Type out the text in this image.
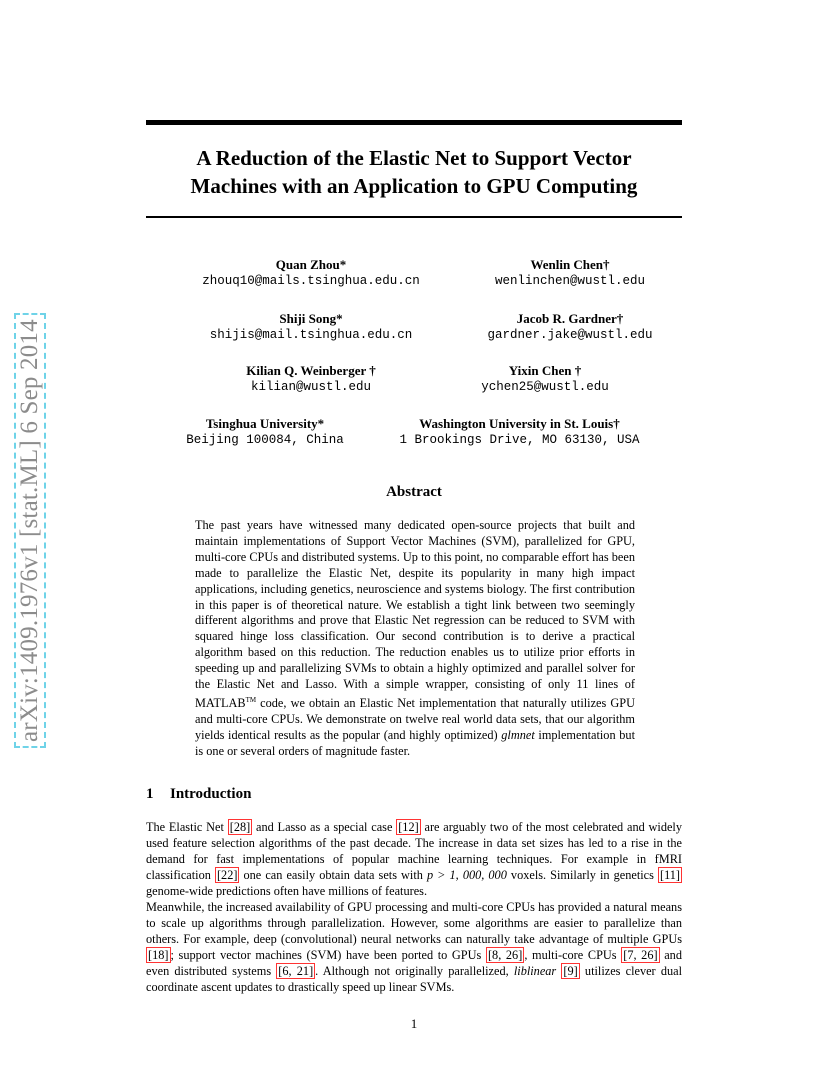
arXiv:1409.1976v1 [stat.ML] 6 Sep 2014
A Reduction of the Elastic Net to Support Vector
Machines with an Application to GPU Computing
Quan Zhou*
zhouq10@mails.tsinghua.edu.cn
Wenlin Chen†
wenlinchen@wustl.edu
Shiji Song*
shijis@mail.tsinghua.edu.cn
Jacob R. Gardner†
gardner.jake@wustl.edu
Kilian Q. Weinberger †
kilian@wustl.edu
Yixin Chen †
ychen25@wustl.edu
Tsinghua University*
Beijing 100084, China
Washington University in St. Louis†
1 Brookings Drive, MO 63130, USA
Abstract
The past years have witnessed many dedicated open-source projects that built and maintain implementations of Support Vector Machines (SVM), parallelized for GPU, multi-core CPUs and distributed systems. Up to this point, no comparable effort has been made to parallelize the Elastic Net, despite its popularity in many high impact applications, including genetics, neuroscience and systems biology. The first contribution in this paper is of theoretical nature. We establish a tight link between two seemingly different algorithms and prove that Elastic Net regression can be reduced to SVM with squared hinge loss classification. Our second contribution is to derive a practical algorithm based on this reduction. The reduction enables us to utilize prior efforts in speeding up and parallelizing SVMs to obtain a highly optimized and parallel solver for the Elastic Net and Lasso. With a simple wrapper, consisting of only 11 lines of MATLAB™ code, we obtain an Elastic Net implementation that naturally utilizes GPU and multi-core CPUs. We demonstrate on twelve real world data sets, that our algorithm yields identical results as the popular (and highly optimized) glmnet implementation but is one or several orders of magnitude faster.
1 Introduction
The Elastic Net [28] and Lasso as a special case [12] are arguably two of the most celebrated and widely used feature selection algorithms of the past decade. The increase in data set sizes has led to a rise in the demand for fast implementations of popular machine learning techniques. For example in fMRI classification [22] one can easily obtain data sets with p > 1, 000, 000 voxels. Similarly in genetics [11] genome-wide predictions often have millions of features.
Meanwhile, the increased availability of GPU processing and multi-core CPUs has provided a natural means to scale up algorithms through parallelization. However, some algorithms are easier to parallelize than others. For example, deep (convolutional) neural networks can naturally take advantage of multiple GPUs [18] ; support vector machines (SVM) have been ported to GPUs [8, 26] , multi-core CPUs [7, 26] and even distributed systems [6, 21] . Although not originally parallelized, liblinear [9] utilizes clever dual coordinate ascent updates to drastically speed up linear SVMs.
1
